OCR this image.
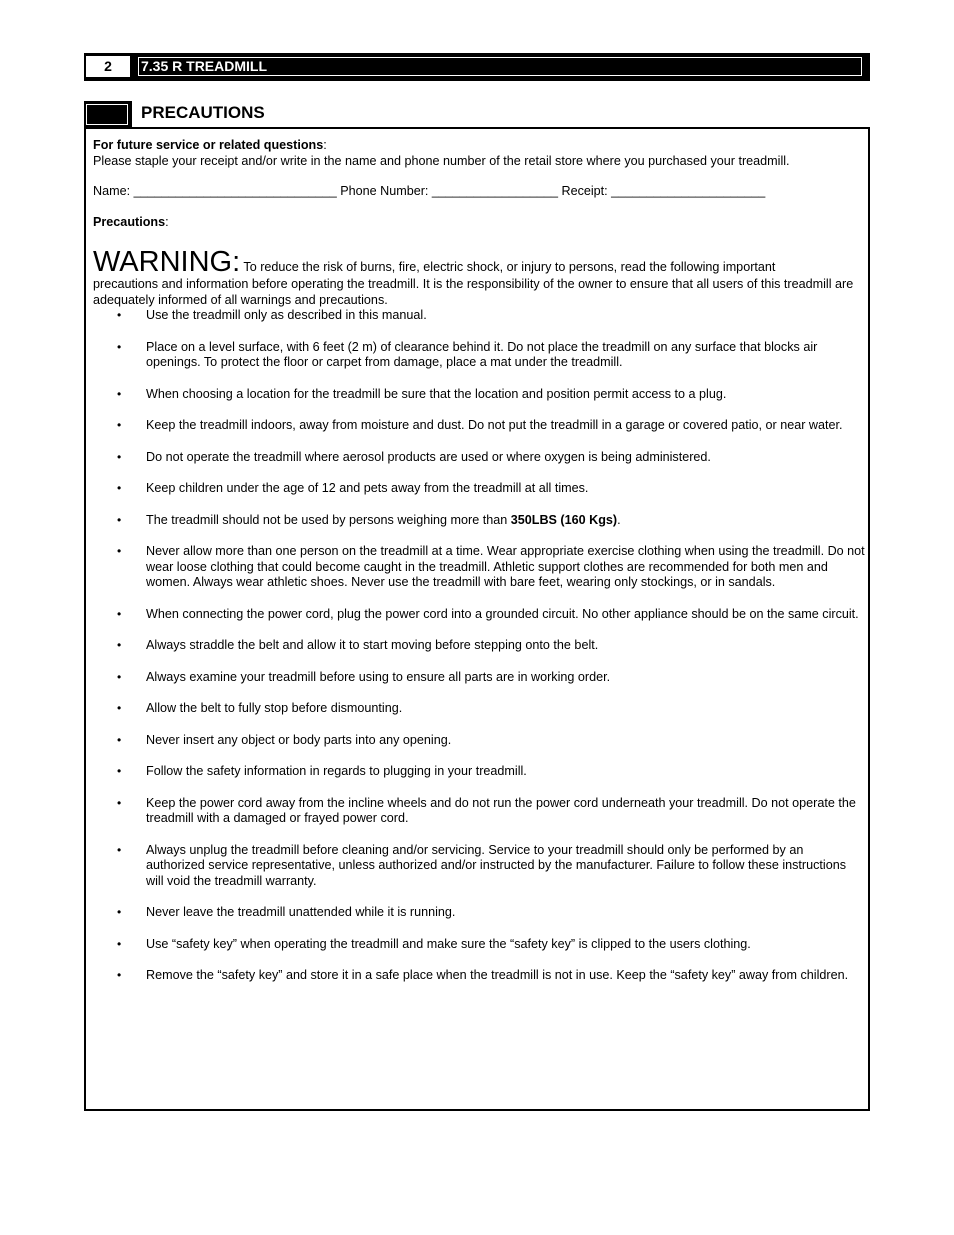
2	7.35 R TREADMILL
PRECAUTIONS

For future service or related questions:

Please staple your receipt and/or write in the name and phone number of the retail store where you purchased your treadmill.

Name: _____________________________ Phone Number: __________________ Receipt: ______________________

Precautions:

WARNING: To reduce the risk of burns, fire, electric shock, or injury to persons, read the following important
precautions and information before operating the treadmill. It is the responsibility of the owner to ensure that all users of this treadmill are adequately informed of all warnings and precautions.

• Use the treadmill only as described in this manual.
• Place on a level surface, with 6 feet (2 m) of clearance behind it. Do not place the treadmill on any surface that blocks air openings. To protect the floor or carpet from damage, place a mat under the treadmill.
• When choosing a location for the treadmill be sure that the location and position permit access to a plug.
• Keep the treadmill indoors, away from moisture and dust. Do not put the treadmill in a garage or covered patio, or near water.
• Do not operate the treadmill where aerosol products are used or where oxygen is being administered.
• Keep children under the age of 12 and pets away from the treadmill at all times.
• The treadmill should not be used by persons weighing more than 350LBS (160 Kgs).
• Never allow more than one person on the treadmill at a time. Wear appropriate exercise clothing when using the treadmill. Do not wear loose clothing that could become caught in the treadmill. Athletic support clothes are recommended for both men and women. Always wear athletic shoes. Never use the treadmill with bare feet, wearing only stockings, or in sandals.
• When connecting the power cord, plug the power cord into a grounded circuit. No other appliance should be on the same circuit.
• Always straddle the belt and allow it to start moving before stepping onto the belt.
• Always examine your treadmill before using to ensure all parts are in working order.
• Allow the belt to fully stop before dismounting.
• Never insert any object or body parts into any opening.
• Follow the safety information in regards to plugging in your treadmill.
• Keep the power cord away from the incline wheels and do not run the power cord underneath your treadmill. Do not operate the treadmill with a damaged or frayed power cord.
• Always unplug the treadmill before cleaning and/or servicing. Service to your treadmill should only be performed by an authorized service representative, unless authorized and/or instructed by the manufacturer. Failure to follow these instructions will void the treadmill warranty.
• Never leave the treadmill unattended while it is running.
• Use “safety key” when operating the treadmill and make sure the “safety key” is clipped to the users clothing.
• Remove the “safety key” and store it in a safe place when the treadmill is not in use. Keep the “safety key” away from children.
